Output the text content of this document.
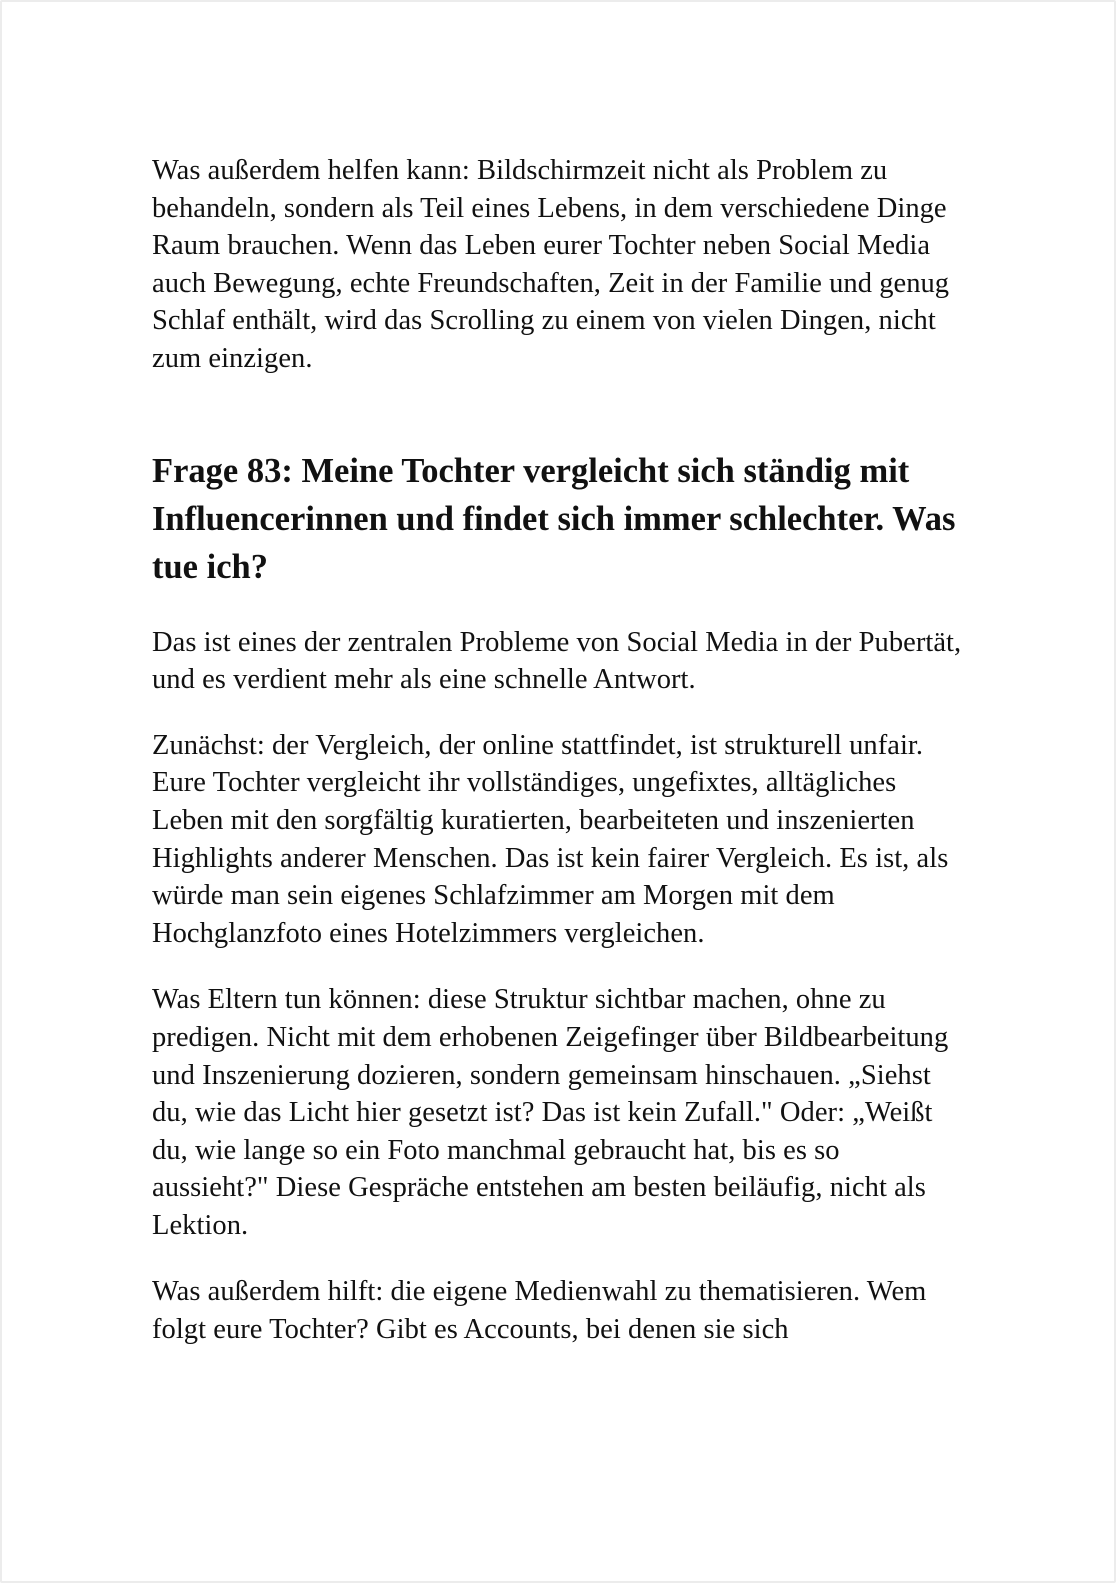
Was außerdem helfen kann: Bildschirmzeit nicht als Problem zu behandeln, sondern als Teil eines Lebens, in dem verschiedene Dinge Raum brauchen. Wenn das Leben eurer Tochter neben Social Media auch Bewegung, echte Freundschaften, Zeit in der Familie und genug Schlaf enthält, wird das Scrolling zu einem von vielen Dingen, nicht zum einzigen.

Frage 83: Meine Tochter vergleicht sich ständig mit Influencerinnen und findet sich immer schlechter. Was tue ich?

Das ist eines der zentralen Probleme von Social Media in der Pubertät, und es verdient mehr als eine schnelle Antwort.

Zunächst: der Vergleich, der online stattfindet, ist strukturell unfair. Eure Tochter vergleicht ihr vollständiges, ungefixtes, alltägliches Leben mit den sorgfältig kuratierten, bearbeiteten und inszenierten Highlights anderer Menschen. Das ist kein fairer Vergleich. Es ist, als würde man sein eigenes Schlafzimmer am Morgen mit dem Hochglanzfoto eines Hotelzimmers vergleichen.

Was Eltern tun können: diese Struktur sichtbar machen, ohne zu predigen. Nicht mit dem erhobenen Zeigefinger über Bildbearbeitung und Inszenierung dozieren, sondern gemeinsam hinschauen. „Siehst du, wie das Licht hier gesetzt ist? Das ist kein Zufall." Oder: „Weißt du, wie lange so ein Foto manchmal gebraucht hat, bis es so aussieht?" Diese Gespräche entstehen am besten beiläufig, nicht als Lektion.

Was außerdem hilft: die eigene Medienwahl zu thematisieren. Wem folgt eure Tochter? Gibt es Accounts, bei denen sie sich
